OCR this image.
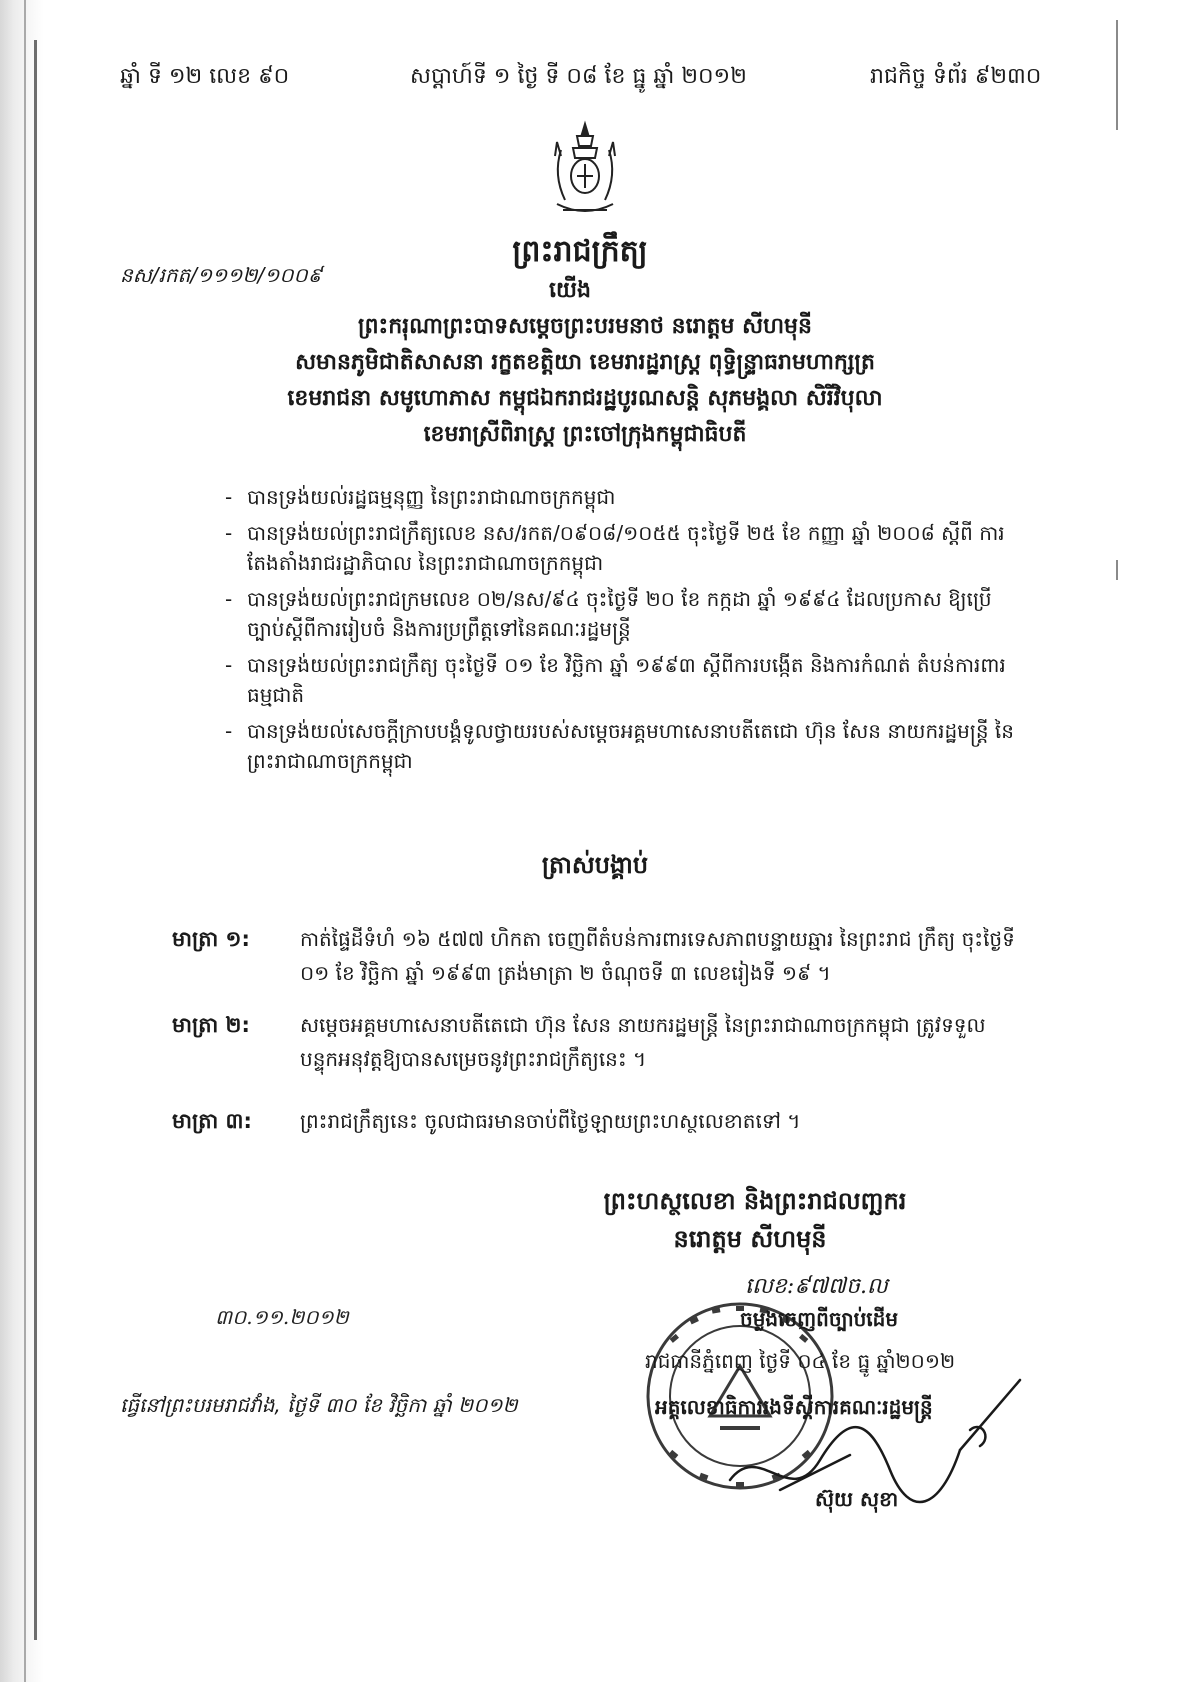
ឆ្នាំ ទី ១២ លេខ ៩០	សប្ដាហ៍ទី ១ ថ្ងៃ ទី ០៨ ខែ ធ្នូ ឆ្នាំ ២០១២	រាជកិច្ច ទំព័រ ៩២៣០
ព្រះរាជក្រឹត្យ
នស/រកត/១១១២/១០០៩
យើង
ព្រះករុណាព្រះបាទសម្ដេចព្រះបរមនាថ នរោត្ដម សីហមុនី
សមានភូមិជាតិសាសនា រក្ខតខត្តិយា ខេមរារដ្ឋរាស្ត្រ ពុទ្ធិន្ទ្រាធរាមហាក្សត្រ
ខេមរាជនា សមូហោភាស កម្ពុជឯករាជរដ្ឋបូរណសន្តិ សុភមង្គលា សិរីវិបុលា
ខេមរាស្រីពិរាស្ត្រ ព្រះចៅក្រុងកម្ពុជាធិបតី
- បានទ្រង់យល់រដ្ឋធម្មនុញ្ញ នៃព្រះរាជាណាចក្រកម្ពុជា
- បានទ្រង់យល់ព្រះរាជក្រឹត្យលេខ នស/រកត/០៩០៨/១០៥៥ ចុះថ្ងៃទី ២៥ ខែ កញ្ញា ឆ្នាំ ២០០៨ ស្ដីពី ការតែងតាំងរាជរដ្ឋាភិបាល នៃព្រះរាជាណាចក្រកម្ពុជា
- បានទ្រង់យល់ព្រះរាជក្រមលេខ ០២/នស/៩៤ ចុះថ្ងៃទី ២០ ខែ កក្កដា ឆ្នាំ ១៩៩៤ ដែលប្រកាស ឱ្យប្រើច្បាប់ស្ដីពីការរៀបចំ និងការប្រព្រឹត្តទៅនៃគណៈរដ្ឋមន្ត្រី
- បានទ្រង់យល់ព្រះរាជក្រឹត្យ ចុះថ្ងៃទី ០១ ខែ វិច្ឆិកា ឆ្នាំ ១៩៩៣ ស្ដីពីការបង្កើត និងការកំណត់ តំបន់ការពារធម្មជាតិ
- បានទ្រង់យល់សេចក្ដីក្រាបបង្គំទូលថ្វាយរបស់សម្ដេចអគ្គមហាសេនាបតីតេជោ ហ៊ុន សែន នាយករដ្ឋមន្ត្រី នៃព្រះរាជាណាចក្រកម្ពុជា
ត្រាស់បង្គាប់
មាត្រា ១:	កាត់ផ្ទៃដីទំហំ ១៦ ៥៧៧ ហិកតា ចេញពីតំបន់ការពារទេសភាពបន្ទាយឆ្មារ នៃព្រះរាជ ក្រឹត្យ ចុះថ្ងៃទី ០១ ខែ វិច្ឆិកា ឆ្នាំ ១៩៩៣ ត្រង់មាត្រា ២ ចំណុចទី ៣ លេខរៀងទី ១៩ ។
មាត្រា ២:	សម្ដេចអគ្គមហាសេនាបតីតេជោ ហ៊ុន សែន នាយករដ្ឋមន្ត្រី នៃព្រះរាជាណាចក្រកម្ពុជា ត្រូវទទួលបន្ទុកអនុវត្តឱ្យបានសម្រេចនូវព្រះរាជក្រឹត្យនេះ ។
មាត្រា ៣: ព្រះរាជក្រឹត្យនេះ ចូលជាធរមានចាប់ពីថ្ងៃឡាយព្រះហស្ថលេខាតទៅ ។
ព្រះហស្ថលេខា និងព្រះរាជលញ្ឆករ
នរោត្ដម សីហមុនី
លេខ:៩៧៧ច.ល
៣០.១១.២០១២	ចម្លងចេញពីច្បាប់ដើម
រាជធានីភ្នំពេញ ថ្ងៃទី ០៤ ខែ ធ្នូ ឆ្នាំ២០១២
អគ្គលេខាធិការរងទីស្ដីការគណៈរដ្ឋមន្ត្រី
ស៊ុយ សុខា
ធ្វើនៅព្រះបរមរាជវាំង, ថ្ងៃទី ៣០ ខែ វិច្ឆិកា ឆ្នាំ ២០១២
